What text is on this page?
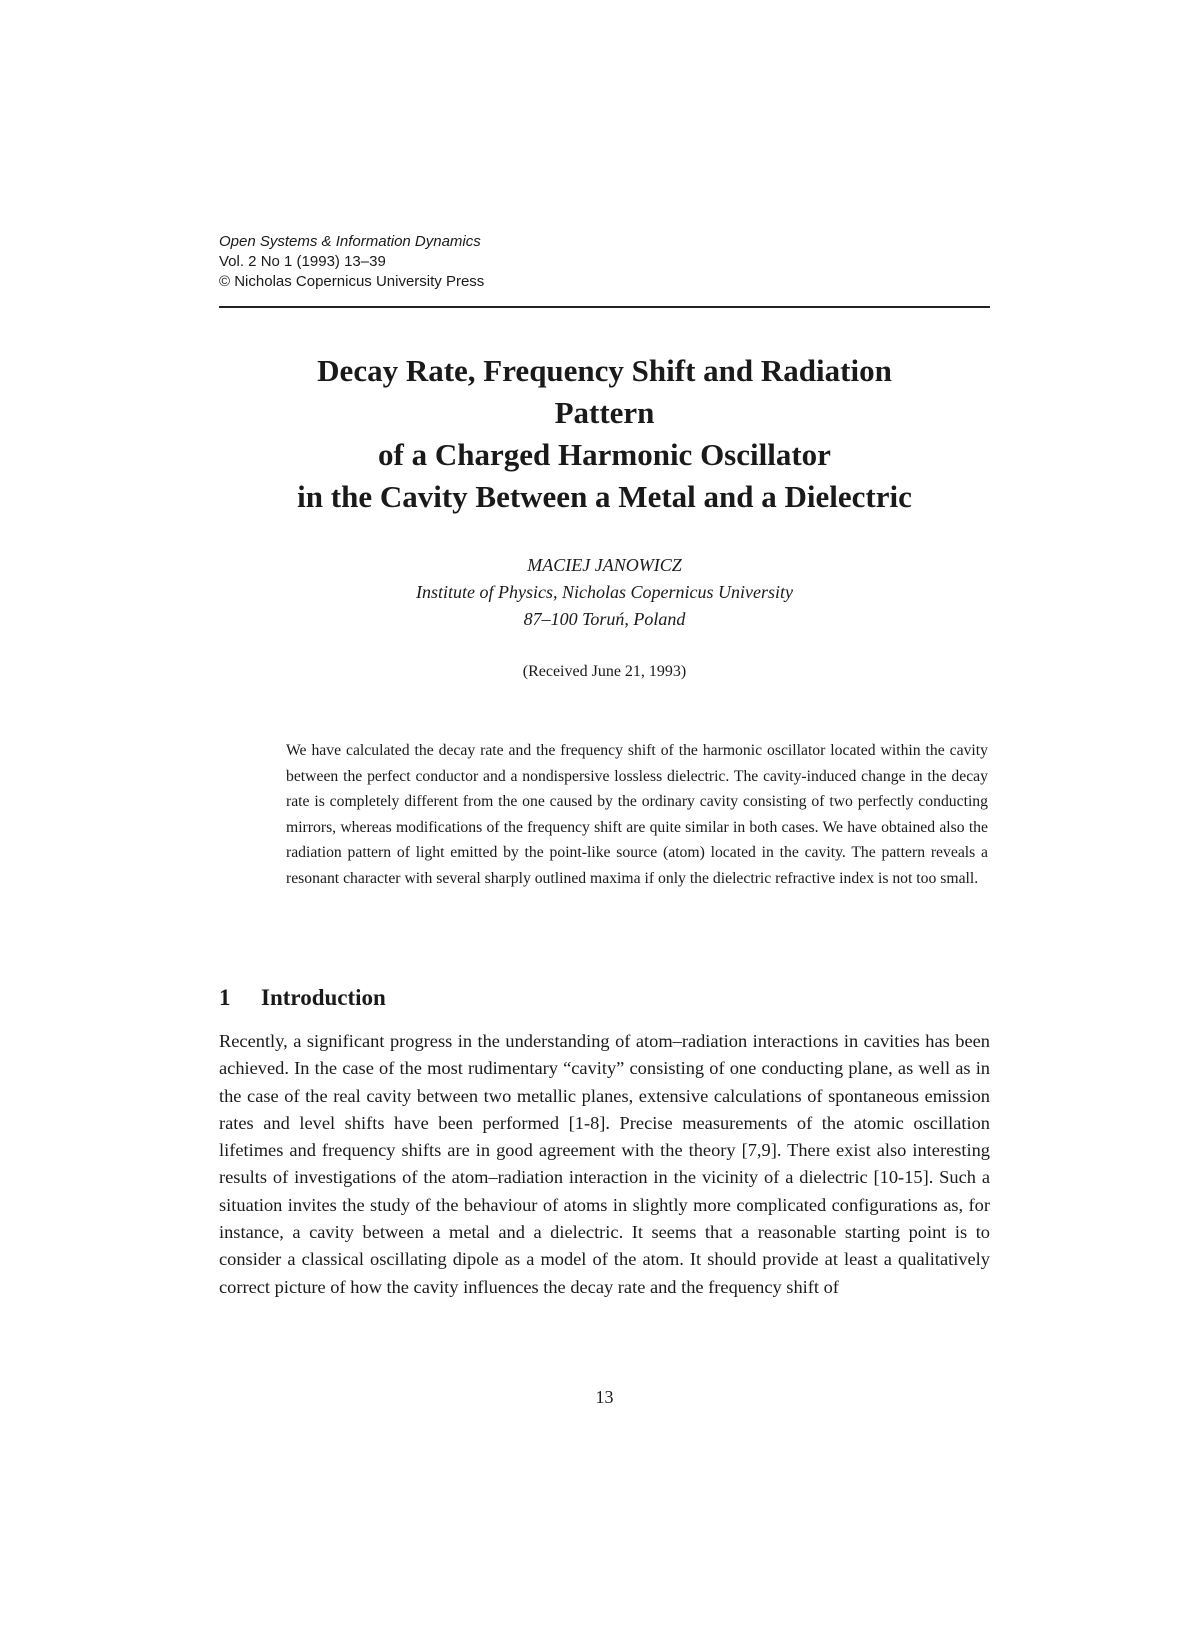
Open Systems & Information Dynamics
Vol. 2 No 1 (1993) 13–39
© Nicholas Copernicus University Press
Decay Rate, Frequency Shift and Radiation
Pattern
of a Charged Harmonic Oscillator
in the Cavity Between a Metal and a Dielectric
MACIEJ JANOWICZ
Institute of Physics, Nicholas Copernicus University
87–100 Toruń, Poland
(Received June 21, 1993)

We have calculated the decay rate and the frequency shift of the harmonic oscillator located within the cavity between the perfect conductor and a nondispersive lossless dielectric. The cavity-induced change in the decay rate is completely different from the one caused by the ordinary cavity consisting of two perfectly conducting mirrors, whereas modifications of the frequency shift are quite similar in both cases. We have obtained also the radiation pattern of light emitted by the point-like source (atom) located in the cavity. The pattern reveals a resonant character with several sharply outlined maxima if only the dielectric refractive index is not too small.

1 Introduction

Recently, a significant progress in the understanding of atom–radiation interactions in cavities has been achieved. In the case of the most rudimentary “cavity” consisting of one conducting plane, as well as in the case of the real cavity between two metallic planes, extensive calculations of spontaneous emission rates and level shifts have been performed [1-8]. Precise measurements of the atomic oscillation lifetimes and frequency shifts are in good agreement with the theory [7,9]. There exist also interesting results of investigations of the atom–radiation interaction in the vicinity of a dielectric [10-15]. Such a situation invites the study of the behaviour of atoms in slightly more complicated configurations as, for instance, a cavity between a metal and a dielectric. It seems that a reasonable starting point is to consider a classical oscillating dipole as a model of the atom. It should provide at least a qualitatively correct picture of how the cavity influences the decay rate and the frequency shift of

13
